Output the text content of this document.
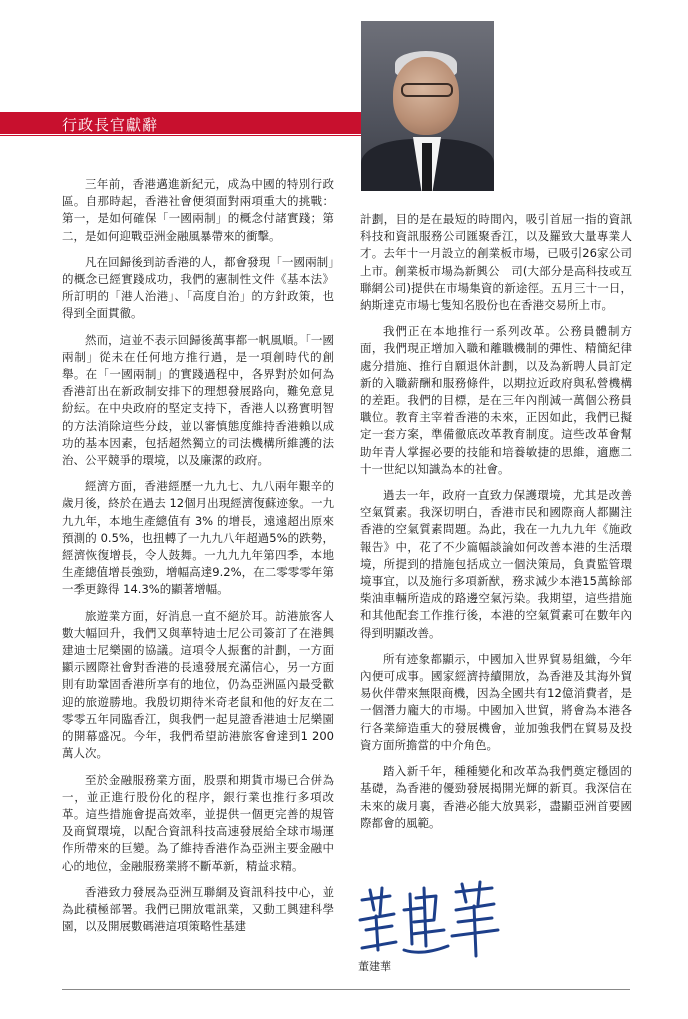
行政長官獻辭

三年前，香港邁進新紀元，成為中國的特別行政區。自那時起，香港社會便須面對兩項重大的挑戰：第一，是如何確保「一國兩制」的概念付諸實踐；第二，是如何迎戰亞洲金融風暴帶來的衝擊。

凡在回歸後到訪香港的人，都會發現「一國兩制」的概念已經實踐成功，我們的憲制性文件《基本法》所訂明的「港人治港」、「高度自治」的方針政策，也得到全面貫徹。

然而，這並不表示回歸後萬事都一帆風順。「一國兩制」從未在任何地方推行過，是一項創時代的創舉。在「一國兩制」的實踐過程中，各界對於如何為香港訂出在新政制安排下的理想發展路向，難免意見紛紜。在中央政府的堅定支持下，香港人以務實明智的方法消除這些分歧，並以審慎態度維持香港賴以成功的基本因素，包括超然獨立的司法機構所維護的法治、公平競爭的環境，以及廉潔的政府。

經濟方面，香港經歷一九九七、九八兩年艱辛的歲月後，終於在過去 12個月出現經濟復蘇迹象。一九九九年，本地生產總值有 3% 的增長，遠遠超出原來預測的 0.5%，也扭轉了一九九八年超過5%的跌勢，經濟恢復增長，令人鼓舞。一九九九年第四季，本地生產總值增長強勁，增幅高達9.2%，在二零零零年第一季更錄得 14.3%的顯著增幅。

旅遊業方面，好消息一直不絕於耳。訪港旅客人數大幅回升，我們又與華特迪士尼公司簽訂了在港興建迪士尼樂園的協議。這項令人振奮的計劃，一方面顯示國際社會對香港的長遠發展充滿信心，另一方面則有助鞏固香港所享有的地位，仍為亞洲區內最受歡迎的旅遊勝地。我殷切期待米奇老鼠和他的好友在二零零五年同臨香江，與我們一起見證香港迪士尼樂園的開幕盛况。今年，我們希望訪港旅客會達到1 200萬人次。

至於金融服務業方面，股票和期貨市場已合併為一，並正進行股份化的程序，銀行業也推行多項改革。這些措施會提高效率，並提供一個更完善的規管及商貿環境，以配合資訊科技高速發展給全球市場運作所帶來的巨變。為了維持香港作為亞洲主要金融中心的地位，金融服務業將不斷革新，精益求精。

香港致力發展為亞洲互聯網及資訊科技中心，並為此積極部署。我們已開放電訊業，又動工興建科學園，以及開展數碼港這項策略性基建

計劃，目的是在最短的時間內，吸引首屈一指的資訊科技和資訊服務公司匯聚香江，以及羅致大量專業人才。去年十一月設立的創業板市場，已吸引26家公司上市。創業板市場為新興公　司(大部分是高科技或互聯網公司)提供在市場集資的新途徑。五月三十一日，納斯達克市場七隻知名股份也在香港交易所上市。

我們正在本地推行一系列改革。公務員體制方面，我們現正增加入職和離職機制的彈性、精簡紀律處分措施、推行自願退休計劃，以及為新聘人員訂定新的入職薪酬和服務條件，以期拉近政府與私營機構的差距。我們的目標，是在三年內削減一萬個公務員職位。教育主宰着香港的未來，正因如此，我們已擬定一套方案，準備徹底改革教育制度。這些改革會幫助年青人掌握必要的技能和培養敏捷的思維，適應二十一世紀以知識為本的社會。

過去一年，政府一直致力保護環境，尤其是改善空氣質素。我深切明白，香港市民和國際商人都關注香港的空氣質素問題。為此，我在一九九九年《施政報告》中，花了不少篇幅談論如何改善本港的生活環境，所提到的措施包括成立一個決策局，負責監管環境事宜，以及施行多項新猷，務求減少本港15萬餘部柴油車輛所造成的路邊空氣污染。我期望，這些措施和其他配套工作推行後，本港的空氣質素可在數年內得到明顯改善。

所有迹象都顯示，中國加入世界貿易組織，今年內便可成事。國家經濟持續開放，為香港及其海外貿易伙伴帶來無限商機，因為全國共有12億消費者，是一個潛力龐大的市場。中國加入世貿，將會為本港各行各業締造重大的發展機會，並加強我們在貿易及投資方面所擔當的中介角色。

踏入新千年，種種變化和改革為我們奠定穩固的基礎，為香港的優勁發展揭開光輝的新頁。我深信在未來的歲月裏，香港必能大放異彩，盡顯亞洲首要國際都會的風範。

董建華
